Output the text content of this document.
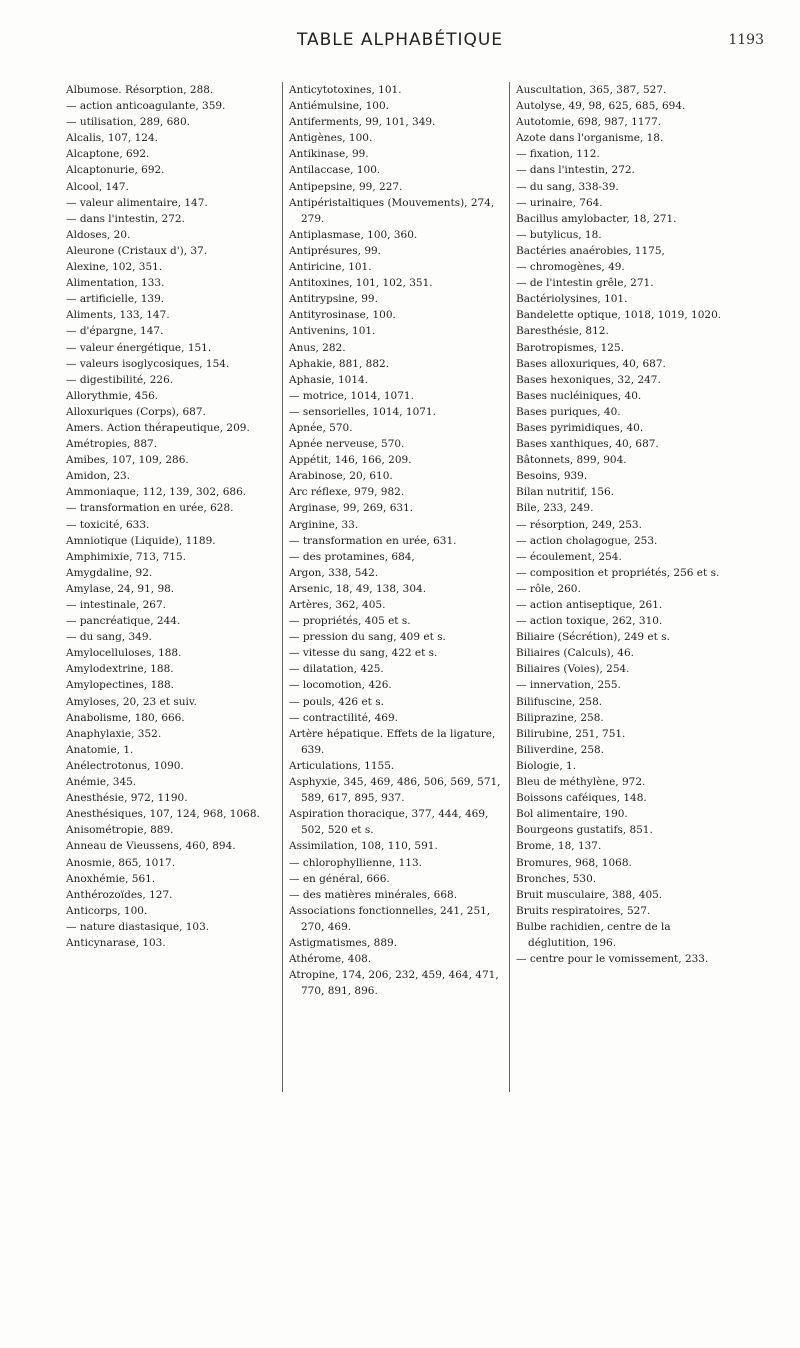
TABLE ALPHABÉTIQUE	1193

Albumose. Résorption, 288.

— action anticoagulante, 359.

— utilisation, 289, 680.

Alcalis, 107, 124.

Alcaptone, 692.

Alcaptonurie, 692.

Alcool, 147.

— valeur alimentaire, 147.

— dans l'intestin, 272.

Aldoses, 20.

Aleurone (Cristaux d'), 37.

Alexine, 102, 351.

Alimentation, 133.

— artificielle, 139.

Aliments, 133, 147.

— d'épargne, 147.

— valeur énergétique, 151.

— valeurs isoglycosiques, 154.

— digestibilité, 226.

Allorythmie, 456.

Alloxuriques (Corps), 687.

Amers. Action thérapeutique, 209.

Amétropies, 887.

Amibes, 107, 109, 286.

Amidon, 23.

Ammoniaque, 112, 139, 302, 686.

— transformation en urée, 628.

— toxicité, 633.

Amniotique (Liquide), 1189.

Amphimixie, 713, 715.

Amygdaline, 92.

Amylase, 24, 91, 98.

— intestinale, 267.

— pancréatique, 244.

— du sang, 349.

Amylocelluloses, 188.

Amylodextrine, 188.

Amylopectines, 188.

Amyloses, 20, 23 et suiv.

Anabolisme, 180, 666.

Anaphylaxie, 352.

Anatomie, 1.

Anélectrotonus, 1090.

Anémie, 345.

Anesthésie, 972, 1190.

Anesthésiques, 107, 124, 968, 1068.

Anisométropie, 889.

Anneau de Vieussens, 460, 894.

Anosmie, 865, 1017.

Anoxhémie, 561.

Anthérozoïdes, 127.

Anticorps, 100.

— nature diastasique, 103.

Anticynarase, 103.

Anticytotoxines, 101.

Antiémulsine, 100.

Antiferments, 99, 101, 349.

Antigènes, 100.

Antikinase, 99.

Antilaccase, 100.

Antipepsine, 99, 227.

Antipéristaltiques (Mouvements), 274, 279.

Antiplasmase, 100, 360.

Antiprésures, 99.

Antiricine, 101.

Antitoxines, 101, 102, 351.

Antitrypsine, 99.

Antityrosinase, 100.

Antivenins, 101.

Anus, 282.

Aphakie, 881, 882.

Aphasie, 1014.

— motrice, 1014, 1071.

— sensorielles, 1014, 1071.

Apnée, 570.

Apnée nerveuse, 570.

Appétit, 146, 166, 209.

Arabinose, 20, 610.

Arc réflexe, 979, 982.

Arginase, 99, 269, 631.

Arginine, 33.

— transformation en urée, 631.

— des protamines, 684,

Argon, 338, 542.

Arsenic, 18, 49, 138, 304.

Artères, 362, 405.

— propriétés, 405 et s.

— pression du sang, 409 et s.

— vitesse du sang, 422 et s.

— dilatation, 425.

— locomotion, 426.

— pouls, 426 et s.

— contractilité, 469.

Artère hépatique. Effets de la ligature, 639.

Articulations, 1155.

Asphyxie, 345, 469, 486, 506, 569, 571, 589, 617, 895, 937.

Aspiration thoracique, 377, 444, 469, 502, 520 et s.

Assimilation, 108, 110, 591.

— chlorophyllienne, 113.

— en général, 666.

— des matières minérales, 668.

Associations fonctionnelles, 241, 251, 270, 469.

Astigmatismes, 889.

Athérome, 408.

Atropine, 174, 206, 232, 459, 464, 471, 770, 891, 896.

Auscultation, 365, 387, 527.

Autolyse, 49, 98, 625, 685, 694.

Autotomie, 698, 987, 1177.

Azote dans l'organisme, 18.

— fixation, 112.

— dans l'intestin, 272.

— du sang, 338-39.

— urinaire, 764.

Bacillus amylobacter, 18, 271.

— butylicus, 18.

Bactéries anaérobies, 1175,

— chromogènes, 49.

— de l'intestin grêle, 271.

Bactériolysines, 101.

Bandelette optique, 1018, 1019, 1020.

Baresthésie, 812.

Barotropismes, 125.

Bases alloxuriques, 40, 687.

Bases hexoniques, 32, 247.

Bases nucléiniques, 40.

Bases puriques, 40.

Bases pyrimidiques, 40.

Bases xanthiques, 40, 687.

Bâtonnets, 899, 904.

Besoins, 939.

Bilan nutritif, 156.

Bile, 233, 249.

— résorption, 249, 253.

— action cholagogue, 253.

— écoulement, 254.

— composition et propriétés, 256 et s.

— rôle, 260.

— action antiseptique, 261.

— action toxique, 262, 310.

Biliaire (Sécrétion), 249 et s.

Biliaires (Calculs), 46.

Biliaires (Voies), 254.

— innervation, 255.

Bilifuscine, 258.

Biliprazine, 258.

Bilirubine, 251, 751.

Biliverdine, 258.

Biologie, 1.

Bleu de méthylène, 972.

Boissons caféiques, 148.

Bol alimentaire, 190.

Bourgeons gustatifs, 851.

Brome, 18, 137.

Bromures, 968, 1068.

Bronches, 530.

Bruit musculaire, 388, 405.

Bruits respiratoires, 527.

Bulbe rachidien, centre de la déglutition, 196.

— centre pour le vomissement, 233.
